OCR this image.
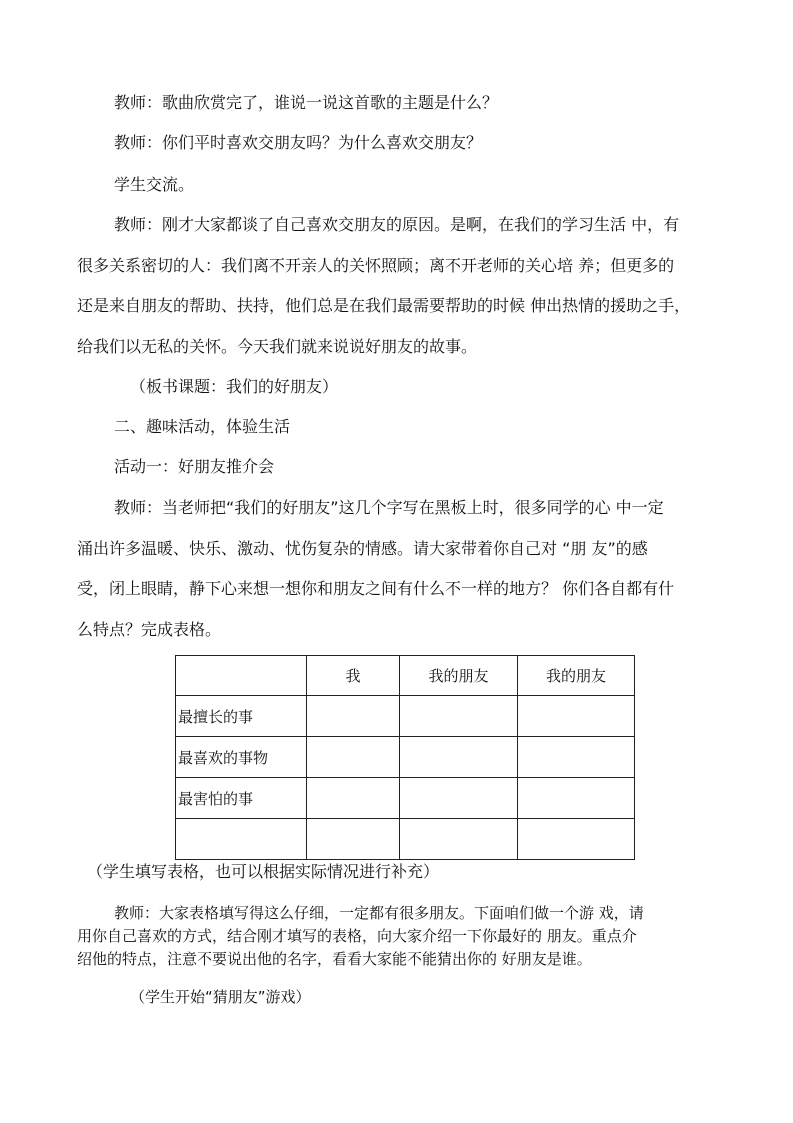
教师：歌曲欣赏完了，谁说一说这首歌的主题是什么？

教师：你们平时喜欢交朋友吗？为什么喜欢交朋友？

学生交流。

教师：刚才大家都谈了自己喜欢交朋友的原因。是啊，在我们的学习生活 中，有

很多关系密切的人：我们离不开亲人的关怀照顾；离不开老师的关心培 养；但更多的

还是来自朋友的帮助、扶持，他们总是在我们最需要帮助的时候 伸出热情的援助之手，

给我们以无私的关怀。今天我们就来说说好朋友的故事。

（板书课题：我们的好朋友）

二、趣味活动，体验生活

活动一：好朋友推介会

教师：当老师把“我们的好朋友”这几个字写在黑板上时，很多同学的心 中一定

涌出许多温暖、快乐、激动、忧伤复杂的情感。请大家带着你自己对 “朋 友”的感

受，闭上眼睛，静下心来想一想你和朋友之间有什么不一样的地方？ 你们各自都有什

么特点？完成表格。

	我	我的朋友	我的朋友
最擅长的事			
最喜欢的事物			
最害怕的事			

（学生填写表格，也可以根据实际情况进行补充）

教师：大家表格填写得这么仔细，一定都有很多朋友。下面咱们做一个游 戏，请

用你自己喜欢的方式，结合刚才填写的表格，向大家介绍一下你最好的 朋友。重点介

绍他的特点，注意不要说出他的名字，看看大家能不能猜出你的 好朋友是谁。

（学生开始“猜朋友”游戏）
